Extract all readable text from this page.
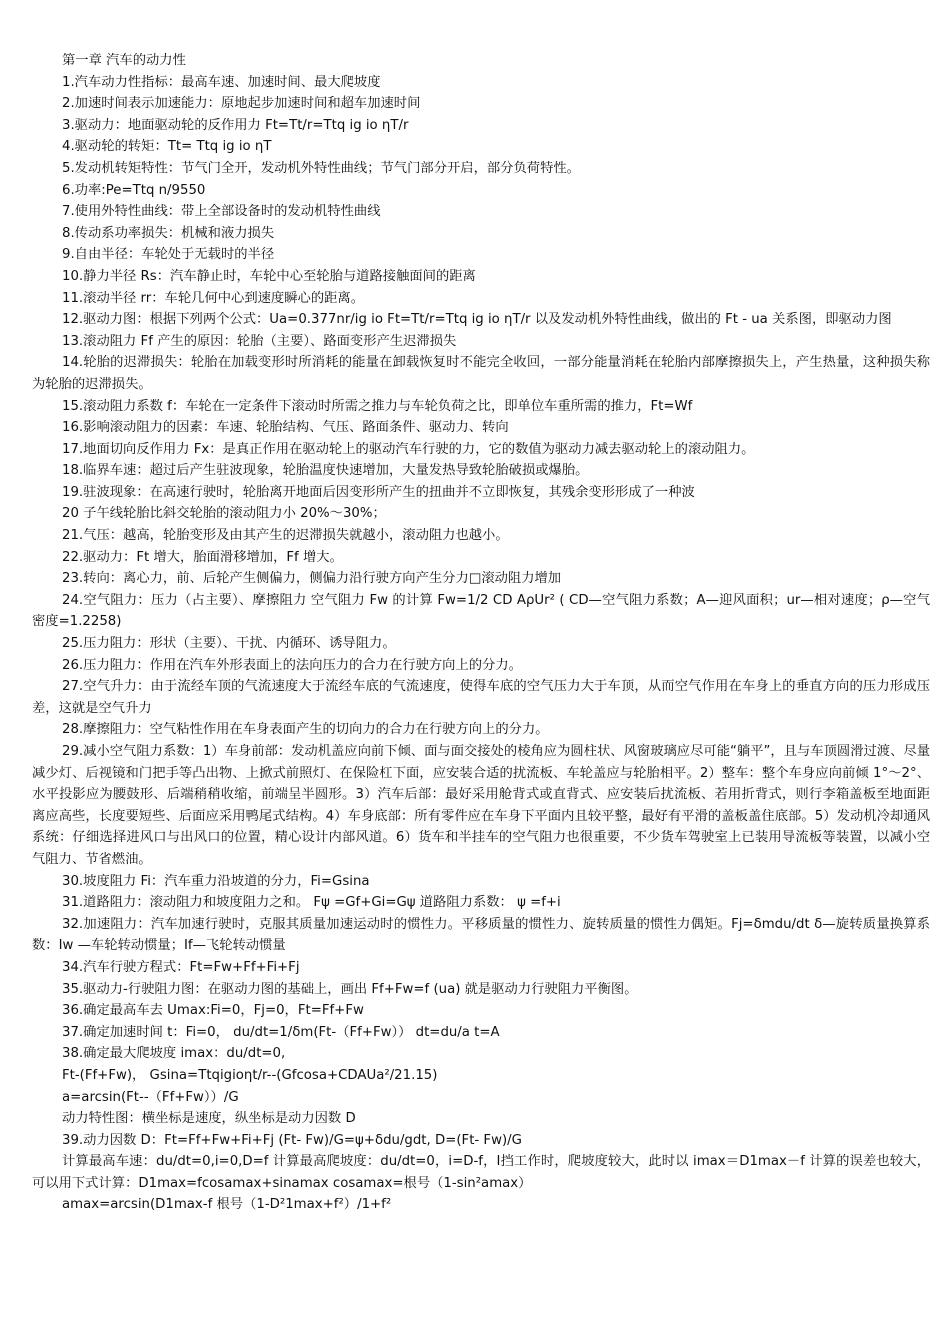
第一章 汽车的动力性
1.汽车动力性指标：最高车速、加速时间、最大爬坡度
2.加速时间表示加速能力：原地起步加速时间和超车加速时间
3.驱动力：地面驱动轮的反作用力 Ft=Tt/r=Ttq ig io ηT/r
4.驱动轮的转矩：Tt= Ttq ig io ηT
5.发动机转矩特性：节气门全开，发动机外特性曲线；节气门部分开启，部分负荷特性。
6.功率:Pe=Ttq n/9550
7.使用外特性曲线：带上全部设备时的发动机特性曲线
8.传动系功率损失：机械和液力损失
9.自由半径：车轮处于无载时的半径
10.静力半径 Rs：汽车静止时，车轮中心至轮胎与道路接触面间的距离
11.滚动半径 rr：车轮几何中心到速度瞬心的距离。
12.驱动力图：根据下列两个公式：Ua=0.377nr/ig io Ft=Tt/r=Ttq ig io ηT/r 以及发动机外特性曲线，做出的 Ft - ua 关系图，即驱动力图
13.滚动阻力 Ff 产生的原因：轮胎（主要）、路面变形产生迟滞损失
14.轮胎的迟滞损失：轮胎在加载变形时所消耗的能量在卸载恢复时不能完全收回，一部分能量消耗在轮胎内部摩擦损失上，产生热量，这种损失称为轮胎的迟滞损失。
15.滚动阻力系数 f：车轮在一定条件下滚动时所需之推力与车轮负荷之比，即单位车重所需的推力，Ft=Wf
16.影响滚动阻力的因素：车速、轮胎结构、气压、路面条件、驱动力、转向
17.地面切向反作用力 Fx：是真正作用在驱动轮上的驱动汽车行驶的力，它的数值为驱动力减去驱动轮上的滚动阻力。
18.临界车速：超过后产生驻波现象，轮胎温度快速增加，大量发热导致轮胎破损或爆胎。
19.驻波现象：在高速行驶时，轮胎离开地面后因变形所产生的扭曲并不立即恢复，其残余变形形成了一种波
20 子午线轮胎比斜交轮胎的滚动阻力小 20%～30%；
21.气压：越高，轮胎变形及由其产生的迟滞损失就越小，滚动阻力也越小。
22.驱动力：Ft 增大，胎面滑移增加，Ff 增大。
23.转向：离心力，前、后轮产生侧偏力，侧偏力沿行驶方向产生分力□滚动阻力增加
24.空气阻力：压力（占主要）、摩擦阻力 空气阻力 Fw 的计算 Fw=1/2 CD AρUr² ( CD—空气阻力系数；A—迎风面积；ur—相对速度；ρ—空气密度=1.2258)
25.压力阻力：形状（主要）、干扰、内循环、诱导阻力。
26.压力阻力：作用在汽车外形表面上的法向压力的合力在行驶方向上的分力。
27.空气升力：由于流经车顶的气流速度大于流经车底的气流速度，使得车底的空气压力大于车顶，从而空气作用在车身上的垂直方向的压力形成压差，这就是空气升力
28.摩擦阻力：空气粘性作用在车身表面产生的切向力的合力在行驶方向上的分力。
29.减小空气阻力系数：1）车身前部：发动机盖应向前下倾、面与面交接处的棱角应为圆柱状、风窗玻璃应尽可能“躺平”，且与车顶圆滑过渡、尽量减少灯、后视镜和门把手等凸出物、上掀式前照灯、在保险杠下面，应安装合适的扰流板、车轮盖应与轮胎相平。2）整车：整个车身应向前倾 1°～2°、水平投影应为腰鼓形、后端稍稍收缩，前端呈半圆形。3）汽车后部：最好采用舱背式或直背式、应安装后扰流板、若用折背式，则行李箱盖板至地面距离应高些，长度要短些、后面应采用鸭尾式结构。4）车身底部：所有零件应在车身下平面内且较平整，最好有平滑的盖板盖住底部。5）发动机冷却通风系统：仔细选择进风口与出风口的位置，精心设计内部风道。6）货车和半挂车的空气阻力也很重要，不少货车驾驶室上已装用导流板等装置，以减小空气阻力、节省燃油。
30.坡度阻力 Fi：汽车重力沿坡道的分力，Fi=Gsina
31.道路阻力：滚动阻力和坡度阻力之和。 Fψ =Gf+Gi=Gψ 道路阻力系数： ψ =f+i
32.加速阻力：汽车加速行驶时，克服其质量加速运动时的惯性力。平移质量的惯性力、旋转质量的惯性力偶矩。Fj=δmdu/dt δ—旋转质量换算系数：Iw —车轮转动惯量；If—飞轮转动惯量
34.汽车行驶方程式：Ft=Fw+Ff+Fi+Fj
35.驱动力-行驶阻力图：在驱动力图的基础上，画出 Ff+Fw=f (ua) 就是驱动力行驶阻力平衡图。
36.确定最高车去 Umax:Fi=0，Fj=0，Ft=Ff+Fw
37.确定加速时间 t：Fi=0， du/dt=1/δm(Ft-（Ff+Fw）） dt=du/a t=A
38.确定最大爬坡度 imax：du/dt=0,
Ft-(Ff+Fw)， Gsina=Ttqigioηt/r--(Gfcosa+CDAUa²/21.15)
a=arcsin(Ft--（Ff+Fw））/G
动力特性图：横坐标是速度，纵坐标是动力因数 D
39.动力因数 D：Ft=Ff+Fw+Fi+Fj (Ft- Fw)/G=ψ+δdu/gdt, D=(Ft- Fw)/G
计算最高车速：du/dt=0,i=0,D=f 计算最高爬坡度：du/dt=0，i=D-f，Ⅰ挡工作时，爬坡度较大，此时以 imax＝D1max－f 计算的误差也较大，可以用下式计算：D1max=fcosamax+sinamax cosamax=根号（1-sin²amax）
amax=arcsin(D1max-f 根号（1-D²1max+f²）/1+f²
